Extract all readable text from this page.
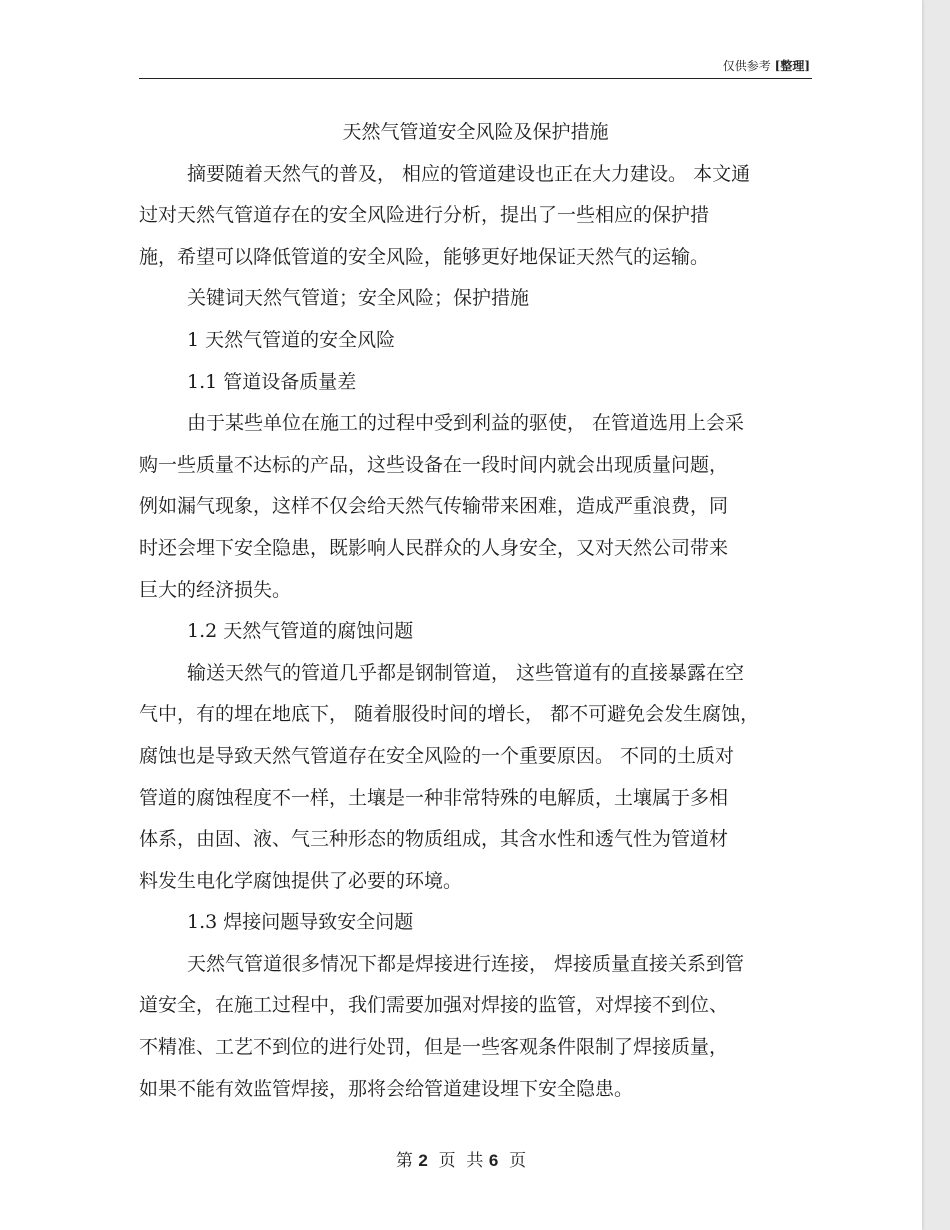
仅供参考 [整理]
天然气管道安全风险及保护措施
摘要随着天然气的普及， 相应的管道建设也正在大力建设。 本文通
过对天然气管道存在的安全风险进行分析，提出了一些相应的保护措
施，希望可以降低管道的安全风险，能够更好地保证天然气的运输。
关键词天然气管道；安全风险；保护措施
1 天然气管道的安全风险
1.1 管道设备质量差
由于某些单位在施工的过程中受到利益的驱使， 在管道选用上会采
购一些质量不达标的产品，这些设备在一段时间内就会出现质量问题，
例如漏气现象，这样不仅会给天然气传输带来困难，造成严重浪费，同
时还会埋下安全隐患，既影响人民群众的人身安全，又对天然公司带来
巨大的经济损失。
1.2 天然气管道的腐蚀问题
输送天然气的管道几乎都是钢制管道， 这些管道有的直接暴露在空
气中，有的埋在地底下， 随着服役时间的增长， 都不可避免会发生腐蚀，
腐蚀也是导致天然气管道存在安全风险的一个重要原因。 不同的土质对
管道的腐蚀程度不一样，土壤是一种非常特殊的电解质，土壤属于多相
体系，由固、液、气三种形态的物质组成，其含水性和透气性为管道材
料发生电化学腐蚀提供了必要的环境。
1.3 焊接问题导致安全问题
天然气管道很多情况下都是焊接进行连接， 焊接质量直接关系到管
道安全，在施工过程中，我们需要加强对焊接的监管，对焊接不到位、
不精准、工艺不到位的进行处罚，但是一些客观条件限制了焊接质量，
如果不能有效监管焊接，那将会给管道建设埋下安全隐患。
第 2  页  共 6  页
